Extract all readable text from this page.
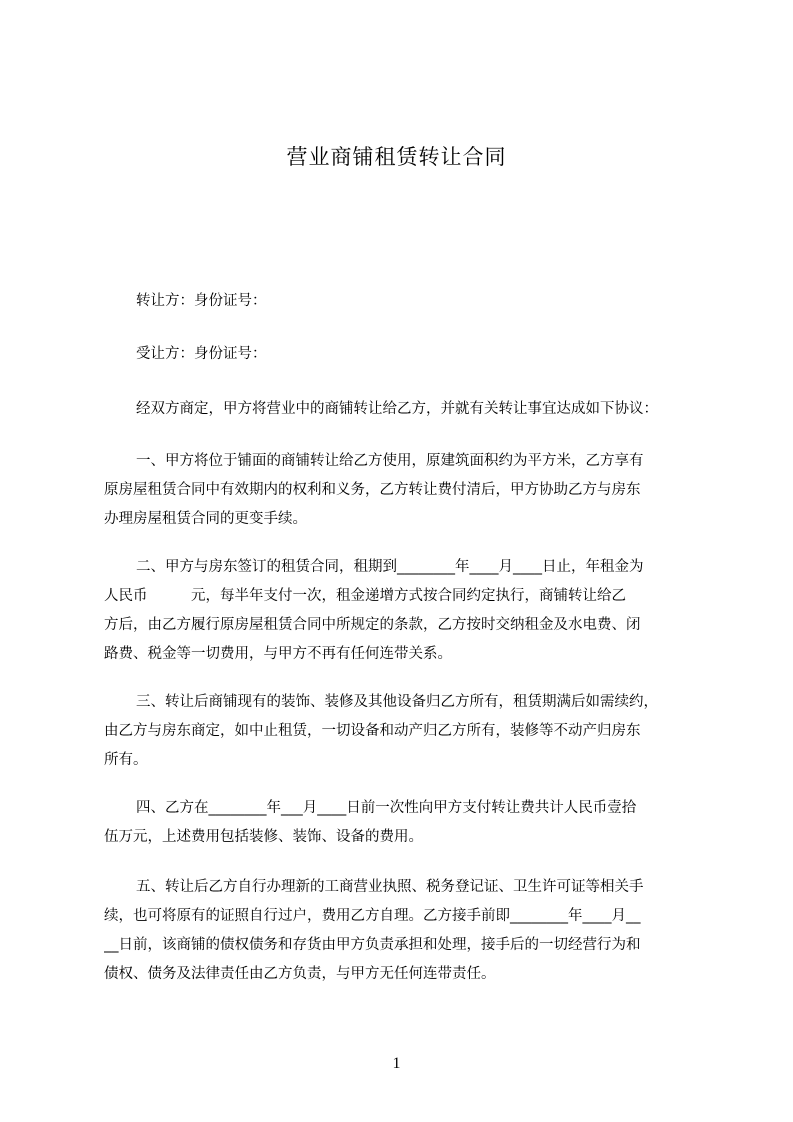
营业商铺租赁转让合同
转让方：身份证号：
受让方：身份证号：
经双方商定，甲方将营业中的商铺转让给乙方，并就有关转让事宜达成如下协议：
一、甲方将位于铺面的商铺转让给乙方使用，原建筑面积约为平方米，乙方享有
原房屋租赁合同中有效期内的权利和义务，乙方转让费付清后，甲方协助乙方与房东
办理房屋租赁合同的更变手续。
二、甲方与房东签订的租赁合同，租期到________年____月____日止，年租金为
人民币　　　元，每半年支付一次，租金递增方式按合同约定执行，商铺转让给乙
方后，由乙方履行原房屋租赁合同中所规定的条款，乙方按时交纳租金及水电费、闭
路费、税金等一切费用，与甲方不再有任何连带关系。
三、转让后商铺现有的装饰、装修及其他设备归乙方所有，租赁期满后如需续约，
由乙方与房东商定，如中止租赁，一切设备和动产归乙方所有，装修等不动产归房东
所有。
四、乙方在________年___月____日前一次性向甲方支付转让费共计人民币壹拾
伍万元，上述费用包括装修、装饰、设备的费用。
五、转让后乙方自行办理新的工商营业执照、税务登记证、卫生许可证等相关手
续，也可将原有的证照自行过户，费用乙方自理。乙方接手前即________年____月__
__日前，该商铺的债权债务和存货由甲方负责承担和处理，接手后的一切经营行为和
债权、债务及法律责任由乙方负责，与甲方无任何连带责任。
1
